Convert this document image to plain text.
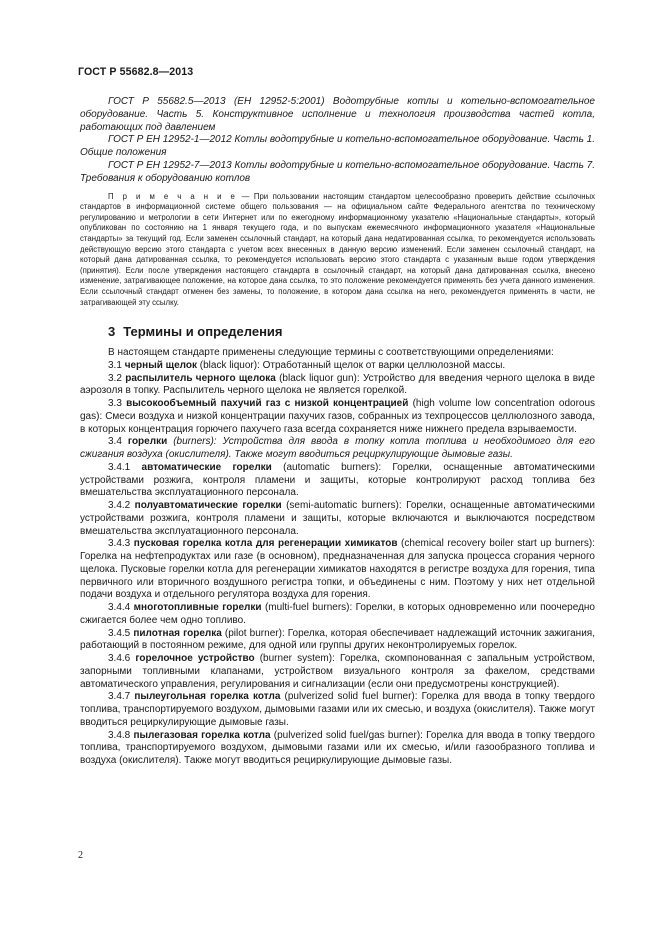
ГОСТ Р 55682.8—2013

ГОСТ Р 55682.5—2013 (ЕН 12952-5:2001) Водотрубные котлы и котельно-вспомогательное оборудование. Часть 5. Конструктивное исполнение и технология производства частей котла, работающих под давлением

ГОСТ Р ЕН 12952-1—2012 Котлы водотрубные и котельно-вспомогательное оборудование. Часть 1. Общие положения

ГОСТ Р ЕН 12952-7—2013 Котлы водотрубные и котельно-вспомогательное оборудование. Часть 7. Требования к оборудованию котлов

П р и м е ч а н и е — При пользовании настоящим стандартом целесообразно проверить действие ссылочных стандартов в информационной системе общего пользования — на официальном сайте Федерального агентства по техническому регулированию и метрологии в сети Интернет или по ежегодному информационному указателю «Национальные стандарты», который опубликован по состоянию на 1 января текущего года, и по выпускам ежемесячного информационного указателя «Национальные стандарты» за текущий год. Если заменен ссылочный стандарт, на который дана недатированная ссылка, то рекомендуется использовать действующую версию этого стандарта с учетом всех внесенных в данную версию изменений. Если заменен ссылочный стандарт, на который дана датированная ссылка, то рекомендуется использовать версию этого стандарта с указанным выше годом утверждения (принятия). Если после утверждения настоящего стандарта в ссылочный стандарт, на который дана датированная ссылка, внесено изменение, затрагивающее положение, на которое дана ссылка, то это положение рекомендуется применять без учета данного изменения. Если ссылочный стандарт отменен без замены, то положение, в котором дана ссылка на него, рекомендуется применять в части, не затрагивающей эту ссылку.

3 Термины и определения

В настоящем стандарте применены следующие термины с соответствующими определениями:

3.1 черный щелок (black liquor): Отработанный щелок от варки целлюлозной массы.

3.2 распылитель черного щелока (black liquor gun): Устройство для введения черного щелока в виде аэрозоля в топку. Распылитель черного щелока не является горелкой.

3.3 высокообъемный пахучий газ с низкой концентрацией (high volume low concentration odorous gas): Смеси воздуха и низкой концентрации пахучих газов, собранных из техпроцессов целлюлозного завода, в которых концентрация горючего пахучего газа всегда сохраняется ниже нижнего предела взрываемости.

3.4 горелки (burners): Устройства для ввода в топку котла топлива и необходимого для его сжигания воздуха (окислителя). Также могут вводиться рециркулирующие дымовые газы.

3.4.1 автоматические горелки (automatic burners): Горелки, оснащенные автоматическими устройствами розжига, контроля пламени и защиты, которые контролируют расход топлива без вмешательства эксплуатационного персонала.

3.4.2 полуавтоматические горелки (semi-automatic burners): Горелки, оснащенные автоматическими устройствами розжига, контроля пламени и защиты, которые включаются и выключаются посредством вмешательства эксплуатационного персонала.

3.4.3 пусковая горелка котла для регенерации химикатов (chemical recovery boiler start up burners): Горелка на нефтепродуктах или газе (в основном), предназначенная для запуска процесса сгорания черного щелока. Пусковые горелки котла для регенерации химикатов находятся в регистре воздуха для горения, типа первичного или вторичного воздушного регистра топки, и объединены с ним. Поэтому у них нет отдельной подачи воздуха и отдельного регулятора воздуха для горения.

3.4.4 многотопливные горелки (multi-fuel burners): Горелки, в которых одновременно или поочередно сжигается более чем одно топливо.

3.4.5 пилотная горелка (pilot burner): Горелка, которая обеспечивает надлежащий источник зажигания, работающий в постоянном режиме, для одной или группы других неконтролируемых горелок.

3.4.6 горелочное устройство (burner system): Горелка, скомпонованная с запальным устройством, запорными топливными клапанами, устройством визуального контроля за факелом, средствами автоматического управления, регулирования и сигнализации (если они предусмотрены конструкцией).

3.4.7 пылеугольная горелка котла (pulverized solid fuel burner): Горелка для ввода в топку твердого топлива, транспортируемого воздухом, дымовыми газами или их смесью, и воздуха (окислителя). Также могут вводиться рециркулирующие дымовые газы.

3.4.8 пылегазовая горелка котла (pulverized solid fuel/gas burner): Горелка для ввода в топку твердого топлива, транспортируемого воздухом, дымовыми газами или их смесью, и/или газообразного топлива и воздуха (окислителя). Также могут вводиться рециркулирующие дымовые газы.

2
